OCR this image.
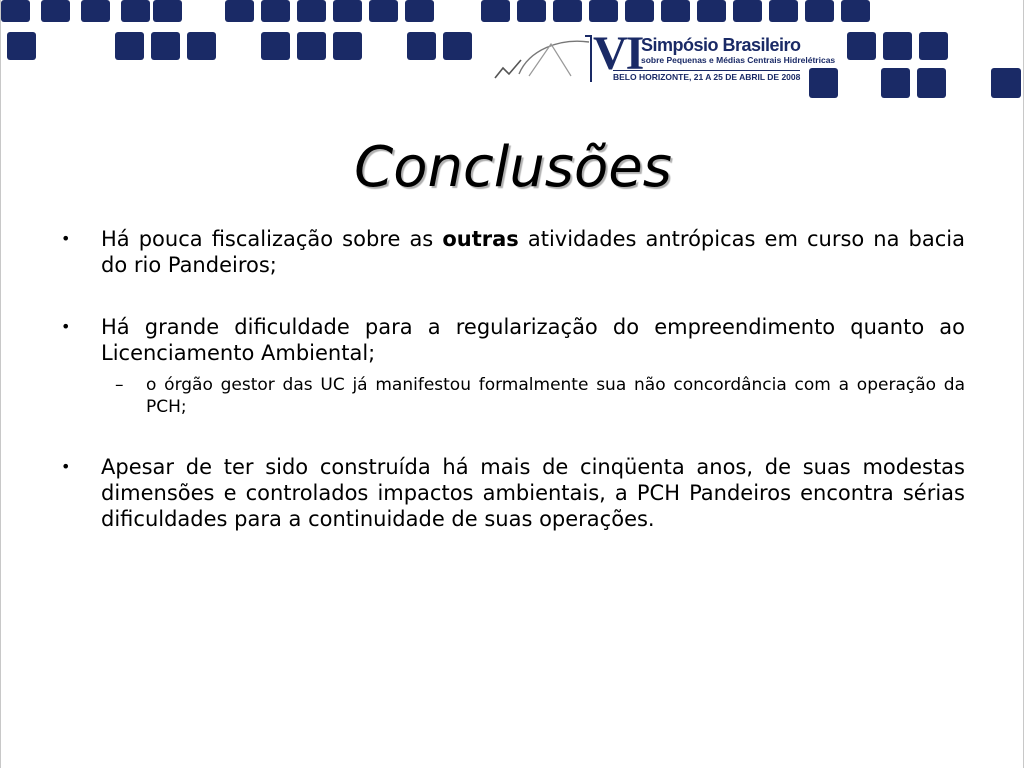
VI
Simpósio Brasileiro
sobre Pequenas e Médias Centrais Hidrelétricas
BELO HORIZONTE, 21 A 25 DE ABRIL DE 2008
Conclusões
• Há pouca fiscalização sobre as outras atividades antrópicas em curso na bacia do rio Pandeiros;
• Há grande dificuldade para a regularização do empreendimento quanto ao Licenciamento Ambiental;
– o órgão gestor das UC já manifestou formalmente sua não concordância com a operação da PCH;
• Apesar de ter sido construída há mais de cinqüenta anos, de suas modestas dimensões e controlados impactos ambientais, a PCH Pandeiros encontra sérias dificuldades para a continuidade de suas operações.
